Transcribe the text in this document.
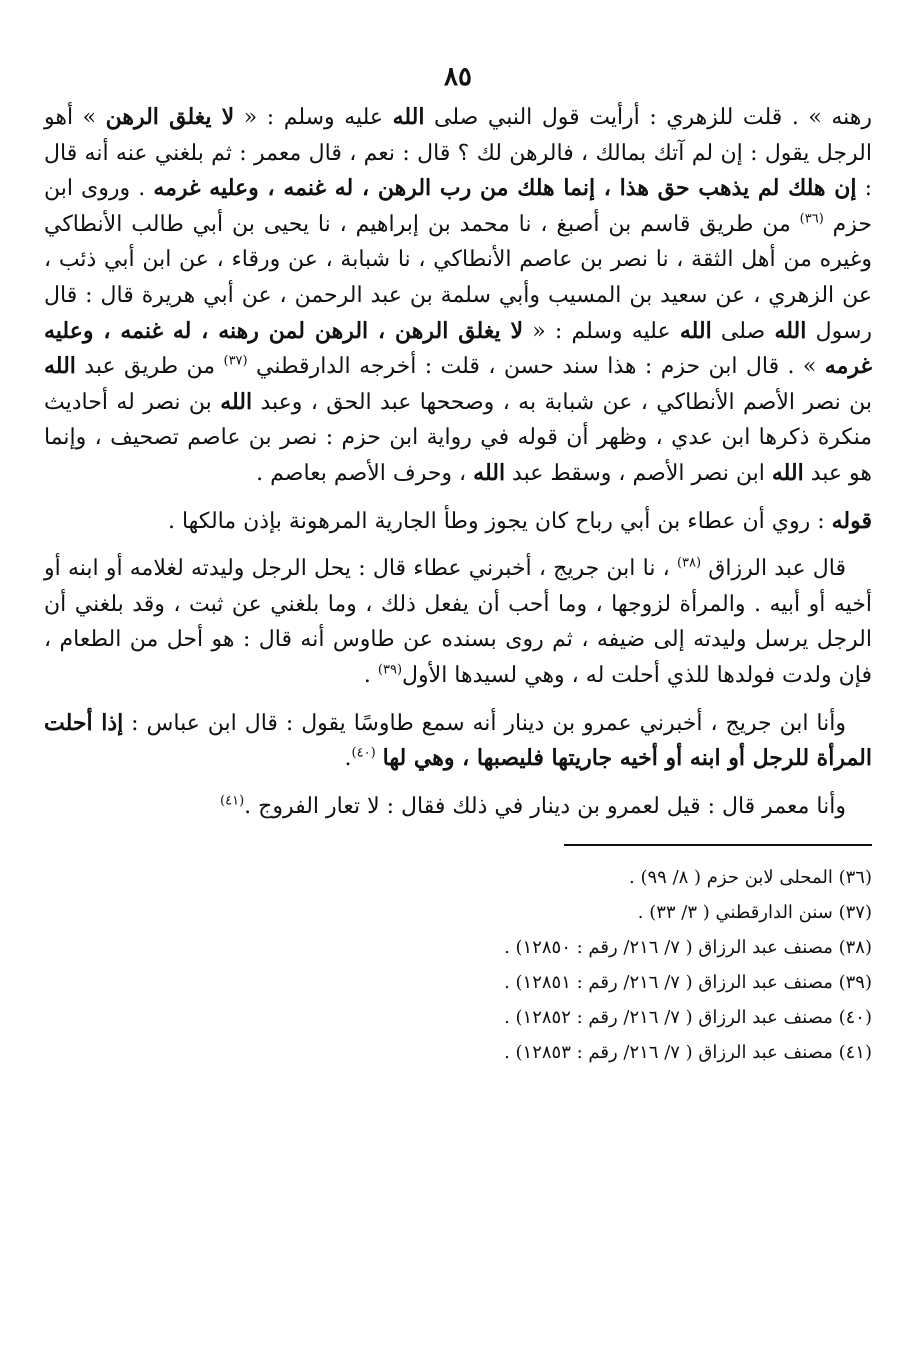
٨٥

رهنه » . قلت للزهري : أرأيت قول النبي صلى الله عليه وسلم : « لا يغلق الرهن » أهو الرجل يقول : إن لم آتك بمالك ، فالرهن لك ؟ قال : نعم ، قال معمر : ثم بلغني عنه أنه قال : إن هلك لم يذهب حق هذا ، إنما هلك من رب الرهن ، له غنمه ، وعليه غرمه . وروى ابن حزم $^{(٣٦)}$ من طريق قاسم بن أصبغ ، نا محمد بن إبراهيم ، نا يحيى بن أبي طالب الأنطاكي وغيره من أهل الثقة ، نا نصر بن عاصم الأنطاكي ، نا شبابة ، عن ورقاء ، عن ابن أبي ذئب ، عن الزهري ، عن سعيد بن المسيب وأبي سلمة بن عبد الرحمن ، عن أبي هريرة قال : قال رسول الله صلى الله عليه وسلم : « لا يغلق الرهن ، الرهن لمن رهنه ، له غنمه ، وعليه غرمه » . قال ابن حزم : هذا سند حسن ، قلت : أخرجه الدارقطني $^{(٣٧)}$ من طريق عبد الله بن نصر الأصم الأنطاكي ، عن شبابة به ، وصححها عبد الحق ، وعبد الله بن نصر له أحاديث منكرة ذكرها ابن عدي ، وظهر أن قوله في رواية ابن حزم : نصر بن عاصم تصحيف ، وإنما هو عبد الله ابن نصر الأصم ، وسقط عبد الله ، وحرف الأصم بعاصم .

قوله : روي أن عطاء بن أبي رباح كان يجوز وطأ الجارية المرهونة بإذن مالكها .

قال عبد الرزاق $^{(٣٨)}$ ، نا ابن جريج ، أخبرني عطاء قال : يحل الرجل وليدته لغلامه أو ابنه أو أخيه أو أبيه . والمرأة لزوجها ، وما أحب أن يفعل ذلك ، وما بلغني عن ثبت ، وقد بلغني أن الرجل يرسل وليدته إلى ضيفه ، ثم روى بسنده عن طاوس أنه قال : هو أحل من الطعام ، فإن ولدت فولدها للذي أحلت له ، وهي لسيدها الأول$^{(٣٩)}$ .

وأنا ابن جريج ، أخبرني عمرو بن دينار أنه سمع طاوسًا يقول : قال ابن عباس : إذا أحلت المرأة للرجل أو ابنه أو أخيه جاريتها فليصبها ، وهي لها $^{(٤٠)}$.

وأنا معمر قال : قيل لعمرو بن دينار في ذلك فقال : لا تعار الفروج .$^{(٤١)}$

(٣٦) المحلى لابن حزم ( ٨/ ٩٩) .

(٣٧) سنن الدارقطني ( ٣/ ٣٣) .

(٣٨) مصنف عبد الرزاق ( ٧/ ٢١٦/ رقم : ١٢٨٥٠) .

(٣٩) مصنف عبد الرزاق ( ٧/ ٢١٦/ رقم : ١٢٨٥١) .

(٤٠) مصنف عبد الرزاق ( ٧/ ٢١٦/ رقم : ١٢٨٥٢) .

(٤١) مصنف عبد الرزاق ( ٧/ ٢١٦/ رقم : ١٢٨٥٣) .
